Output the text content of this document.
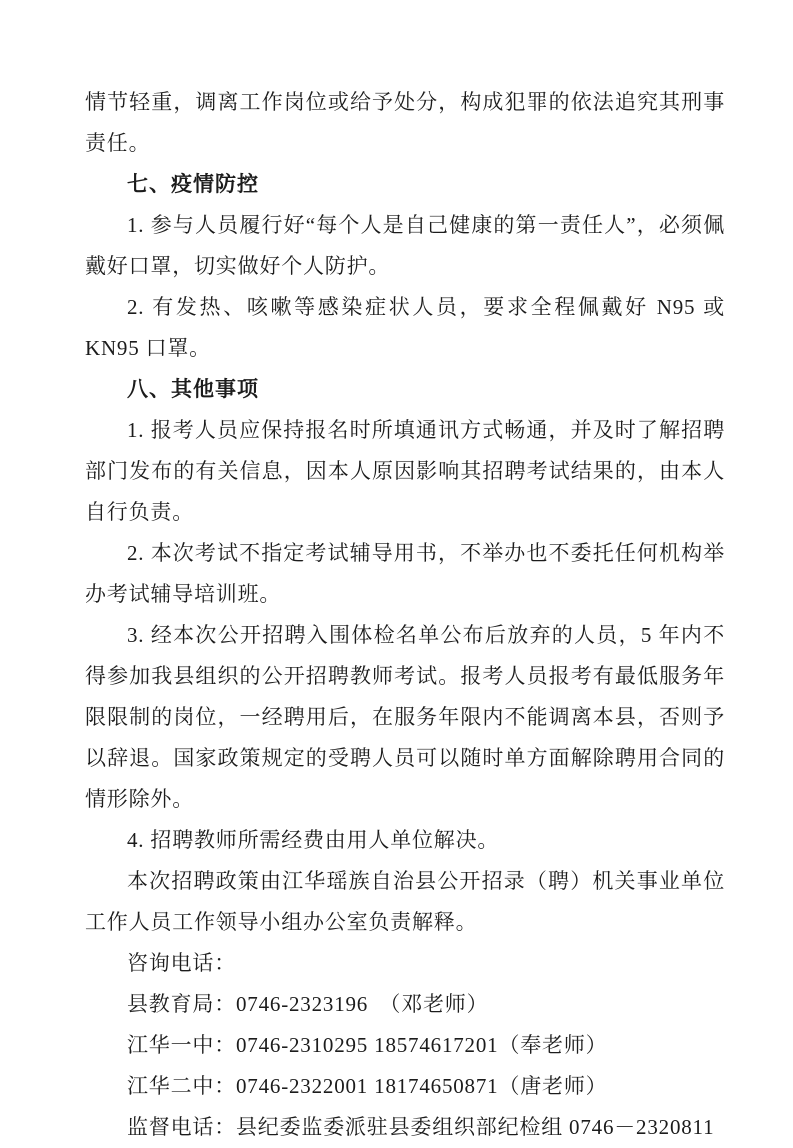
情节轻重，调离工作岗位或给予处分，构成犯罪的依法追究其刑事责任。

七、疫情防控

1. 参与人员履行好“每个人是自己健康的第一责任人”，必须佩戴好口罩，切实做好个人防护。

2. 有发热、咳嗽等感染症状人员，要求全程佩戴好 N95 或 KN95 口罩。

八、其他事项

1. 报考人员应保持报名时所填通讯方式畅通，并及时了解招聘部门发布的有关信息，因本人原因影响其招聘考试结果的，由本人自行负责。

2. 本次考试不指定考试辅导用书，不举办也不委托任何机构举办考试辅导培训班。

3. 经本次公开招聘入围体检名单公布后放弃的人员，5 年内不得参加我县组织的公开招聘教师考试。报考人员报考有最低服务年限限制的岗位，一经聘用后，在服务年限内不能调离本县，否则予以辞退。国家政策规定的受聘人员可以随时单方面解除聘用合同的情形除外。

4. 招聘教师所需经费由用人单位解决。

本次招聘政策由江华瑶族自治县公开招录（聘）机关事业单位工作人员工作领导小组办公室负责解释。

咨询电话：

县教育局：0746-2323196　（邓老师）

江华一中：0746-2310295 18574617201（奉老师）

江华二中：0746-2322001 18174650871（唐老师）

监督电话：县纪委监委派驻县委组织部纪检组 0746－2320811
